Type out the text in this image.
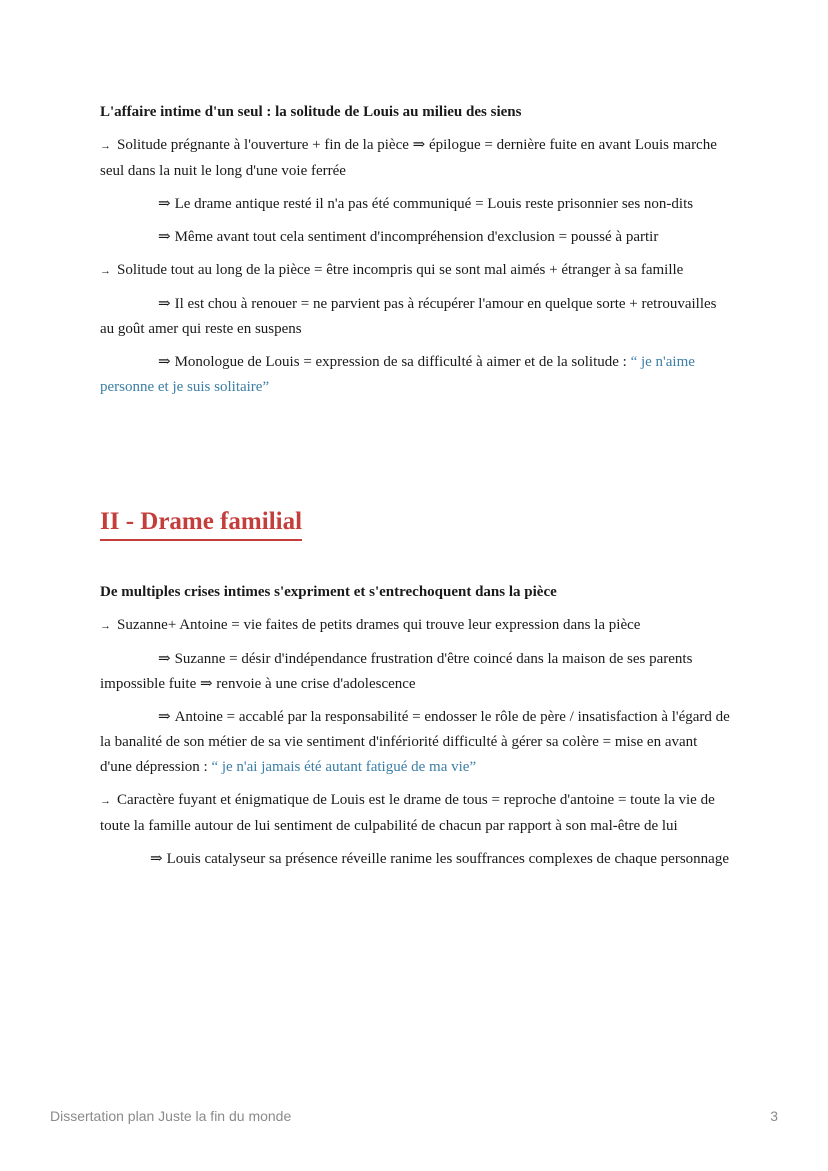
L'affaire intime d'un seul : la solitude de Louis au milieu des siens

→ Solitude prégnante à l'ouverture + fin de la pièce ⇒ épilogue = dernière fuite en avant Louis marche seul dans la nuit le long d'une voie ferrée

⇒ Le drame antique resté il n'a pas été communiqué = Louis reste prisonnier ses non-dits

⇒ Même avant tout cela sentiment d'incompréhension d'exclusion = poussé à partir

→ Solitude tout au long de la pièce = être incompris qui se sont mal aimés + étranger à sa famille

⇒ Il est chou à renouer = ne parvient pas à récupérer l'amour en quelque sorte + retrouvailles au goût amer qui reste en suspens

⇒ Monologue de Louis = expression de sa difficulté à aimer et de la solitude : “ je n'aime personne et je suis solitaire”

II - Drame familial

De multiples crises intimes s'expriment et s'entrechoquent dans la pièce

→ Suzanne+ Antoine = vie faites de petits drames qui trouve leur expression dans la pièce

⇒ Suzanne = désir d'indépendance frustration d'être coincé dans la maison de ses parents impossible fuite ⇒ renvoie à une crise d'adolescence

⇒ Antoine = accablé par la responsabilité = endosser le rôle de père / insatisfaction à l'égard de la banalité de son métier de sa vie sentiment d'infériorité difficulté à gérer sa colère = mise en avant d'une dépression : “ je n'ai jamais été autant fatigué de ma vie”

→ Caractère fuyant et énigmatique de Louis est le drame de tous = reproche d'antoine = toute la vie de toute la famille autour de lui sentiment de culpabilité de chacun par rapport à son mal-être de lui

⇒ Louis catalyseur sa présence réveille ranime les souffrances complexes de chaque personnage

Dissertation plan Juste la fin du monde	3
